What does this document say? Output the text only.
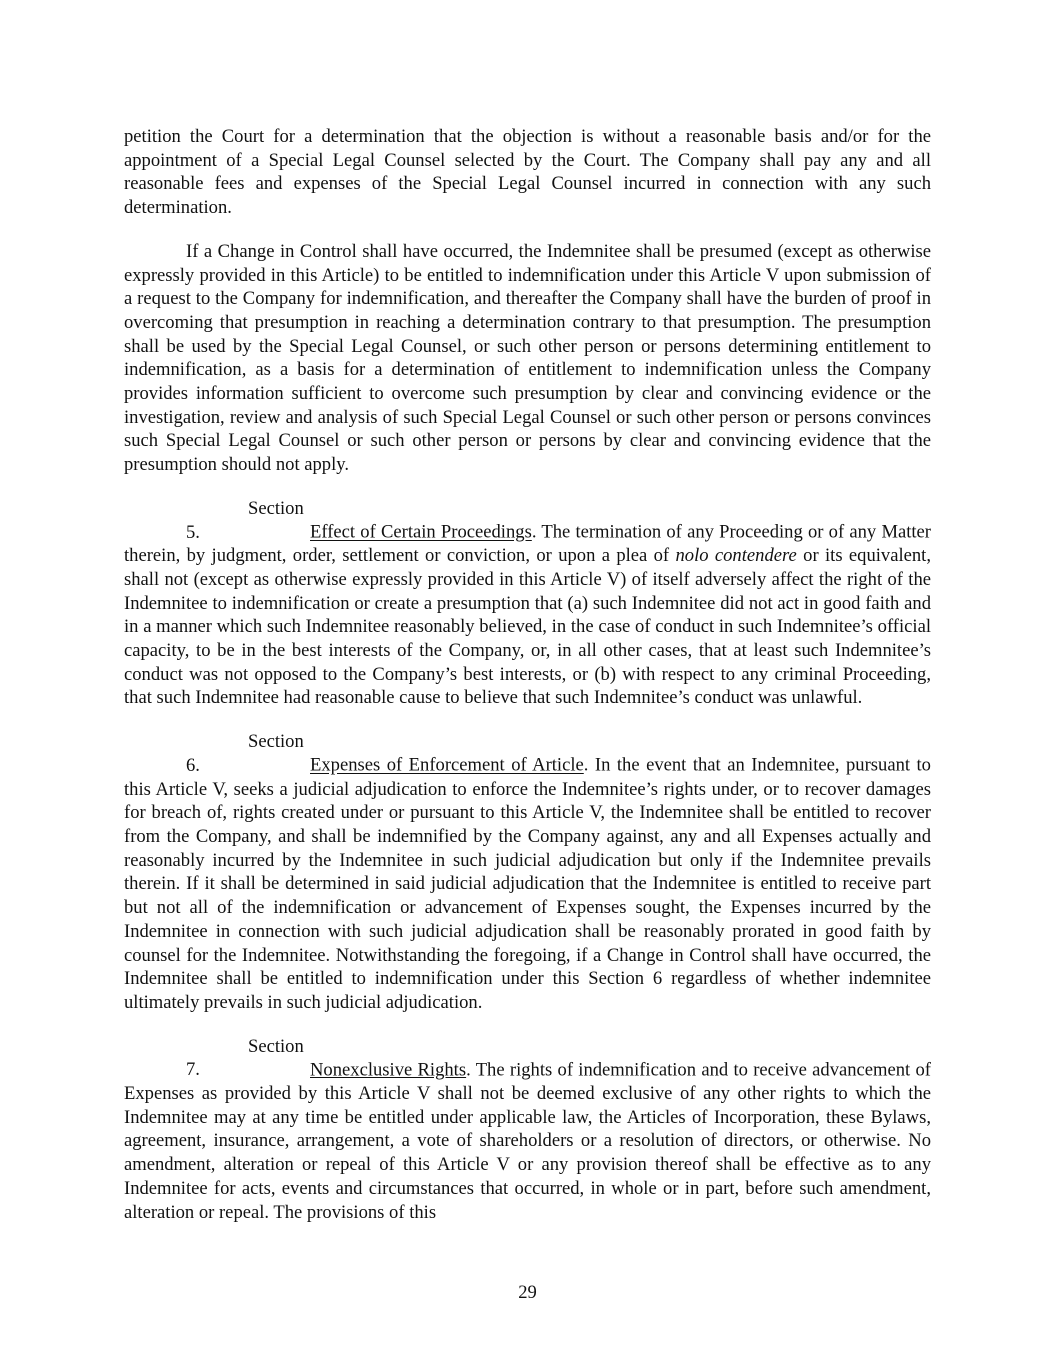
petition the Court for a determination that the objection is without a reasonable basis and/or for the appointment of a Special Legal Counsel selected by the Court. The Company shall pay any and all reasonable fees and expenses of the Special Legal Counsel incurred in connection with any such determination.

If a Change in Control shall have occurred, the Indemnitee shall be presumed (except as otherwise expressly provided in this Article) to be entitled to indemnification under this Article V upon submission of a request to the Company for indemnification, and thereafter the Company shall have the burden of proof in overcoming that presumption in reaching a determination contrary to that presumption. The presumption shall be used by the Special Legal Counsel, or such other person or persons determining entitlement to indemnification, as a basis for a determination of entitlement to indemnification unless the Company provides information sufficient to overcome such presumption by clear and convincing evidence or the investigation, review and analysis of such Special Legal Counsel or such other person or persons convinces such Special Legal Counsel or such other person or persons by clear and convincing evidence that the presumption should not apply.

Section 5.	Effect of Certain Proceedings. The termination of any Proceeding or of any Matter therein, by judgment, order, settlement or conviction, or upon a plea of nolo contendere or its equivalent, shall not (except as otherwise expressly provided in this Article V) of itself adversely affect the right of the Indemnitee to indemnification or create a presumption that (a) such Indemnitee did not act in good faith and in a manner which such Indemnitee reasonably believed, in the case of conduct in such Indemnitee’s official capacity, to be in the best interests of the Company, or, in all other cases, that at least such Indemnitee’s conduct was not opposed to the Company’s best interests, or (b) with respect to any criminal Proceeding, that such Indemnitee had reasonable cause to believe that such Indemnitee’s conduct was unlawful.

Section 6.	Expenses of Enforcement of Article. In the event that an Indemnitee, pursuant to this Article V, seeks a judicial adjudication to enforce the Indemnitee’s rights under, or to recover damages for breach of, rights created under or pursuant to this Article V, the Indemnitee shall be entitled to recover from the Company, and shall be indemnified by the Company against, any and all Expenses actually and reasonably incurred by the Indemnitee in such judicial adjudication but only if the Indemnitee prevails therein. If it shall be determined in said judicial adjudication that the Indemnitee is entitled to receive part but not all of the indemnification or advancement of Expenses sought, the Expenses incurred by the Indemnitee in connection with such judicial adjudication shall be reasonably prorated in good faith by counsel for the Indemnitee. Notwithstanding the foregoing, if a Change in Control shall have occurred, the Indemnitee shall be entitled to indemnification under this Section 6 regardless of whether indemnitee ultimately prevails in such judicial adjudication.

Section 7.	Nonexclusive Rights. The rights of indemnification and to receive advancement of Expenses as provided by this Article V shall not be deemed exclusive of any other rights to which the Indemnitee may at any time be entitled under applicable law, the Articles of Incorporation, these Bylaws, agreement, insurance, arrangement, a vote of shareholders or a resolution of directors, or otherwise. No amendment, alteration or repeal of this Article V or any provision thereof shall be effective as to any Indemnitee for acts, events and circumstances that occurred, in whole or in part, before such amendment, alteration or repeal. The provisions of this

29
